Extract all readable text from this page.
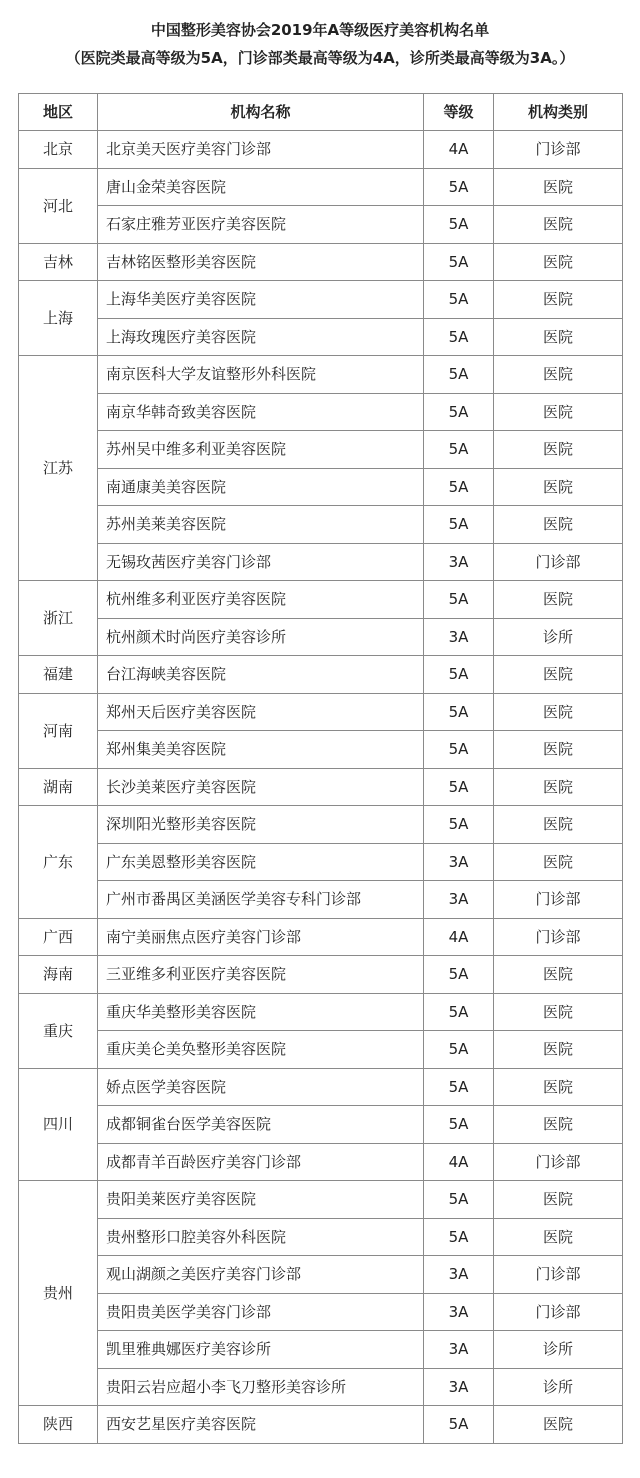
中国整形美容协会2019年A等级医疗美容机构名单
（医院类最高等级为5A，门诊部类最高等级为4A，诊所类最高等级为3A。）
地区	机构名称	等级	机构类别
北京	北京美天医疗美容门诊部	4A	门诊部
河北	唐山金荣美容医院	5A	医院
	石家庄雅芳亚医疗美容医院	5A	医院
吉林	吉林铭医整形美容医院	5A	医院
上海	上海华美医疗美容医院	5A	医院
	上海玫瑰医疗美容医院	5A	医院
江苏	南京医科大学友谊整形外科医院	5A	医院
	南京华韩奇致美容医院	5A	医院
	苏州吴中维多利亚美容医院	5A	医院
	南通康美美容医院	5A	医院
	苏州美莱美容医院	5A	医院
	无锡玫茜医疗美容门诊部	3A	门诊部
浙江	杭州维多利亚医疗美容医院	5A	医院
	杭州颜术时尚医疗美容诊所	3A	诊所
福建	台江海峡美容医院	5A	医院
河南	郑州天后医疗美容医院	5A	医院
	郑州集美美容医院	5A	医院
湖南	长沙美莱医疗美容医院	5A	医院
广东	深圳阳光整形美容医院	5A	医院
	广东美恩整形美容医院	3A	医院
	广州市番禺区美涵医学美容专科门诊部	3A	门诊部
广西	南宁美丽焦点医疗美容门诊部	4A	门诊部
海南	三亚维多利亚医疗美容医院	5A	医院
重庆	重庆华美整形美容医院	5A	医院
	重庆美仑美奂整形美容医院	5A	医院
四川	娇点医学美容医院	5A	医院
	成都铜雀台医学美容医院	5A	医院
	成都青羊百龄医疗美容门诊部	4A	门诊部
贵州	贵阳美莱医疗美容医院	5A	医院
	贵州整形口腔美容外科医院	5A	医院
	观山湖颜之美医疗美容门诊部	3A	门诊部
	贵阳贵美医学美容门诊部	3A	门诊部
	凯里雅典娜医疗美容诊所	3A	诊所
	贵阳云岩应超小李飞刀整形美容诊所	3A	诊所
陕西	西安艺星医疗美容医院	5A	医院
